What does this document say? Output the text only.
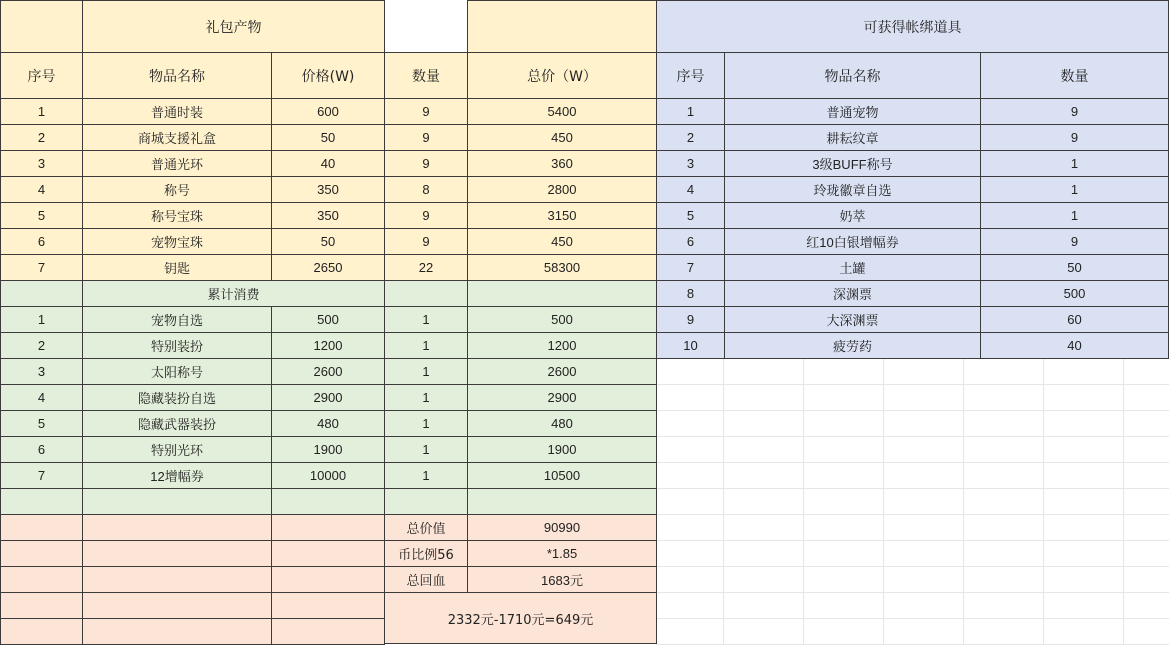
礼包产物
序号	物品名称	价格(W)	数量	总价（W）
1	普通时装	600	9	5400
2	商城支援礼盒	50	9	450
3	普通光环	40	9	360
4	称号	350	8	2800
5	称号宝珠	350	9	3150
6	宠物宝珠	50	9	450
7	钥匙	2650	22	58300
累计消费
1	宠物自选	500	1	500
2	特别装扮	1200	1	1200
3	太阳称号	2600	1	2600
4	隐藏装扮自选	2900	1	2900
5	隐藏武器装扮	480	1	480
6	特别光环	1900	1	1900
7	12增幅券	10000	1	10500
总价值	90990
币比例56	*1.85
总回血	1683元
2332元-1710元=649元
可获得帐绑道具
序号	物品名称	数量
1	普通宠物	9
2	耕耘纹章	9
3	3级BUFF称号	1
4	玲珑徽章自选	1
5	奶萃	1
6	红10白银增幅券	9
7	土罐	50
8	深渊票	500
9	大深渊票	60
10	疲劳药	40
